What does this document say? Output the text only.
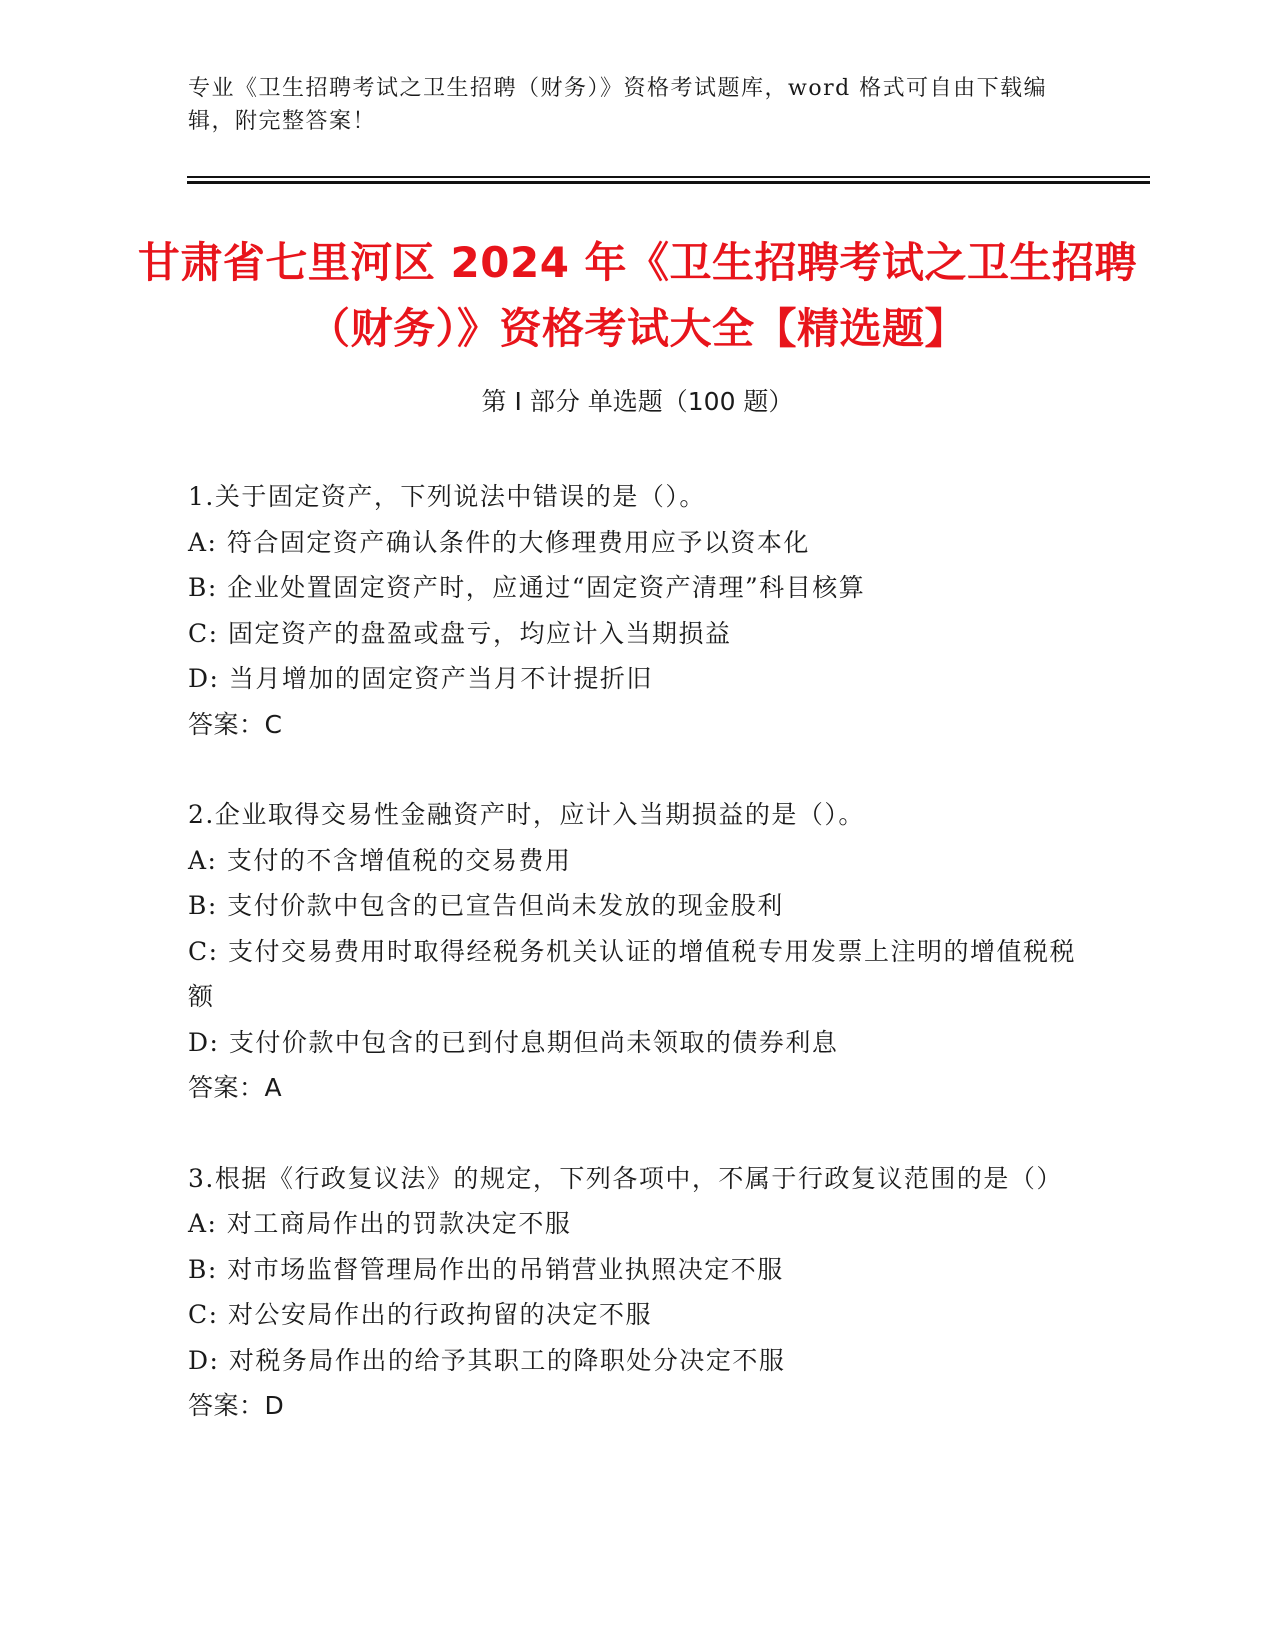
专业《卫生招聘考试之卫生招聘（财务）》资格考试题库，word 格式可自由下载编辑，附完整答案！
甘肃省七里河区 2024 年《卫生招聘考试之卫生招聘（财务）》资格考试大全【精选题】
第 I 部分 单选题（100 题）

1.关于固定资产，下列说法中错误的是（）。

A: 符合固定资产确认条件的大修理费用应予以资本化

B: 企业处置固定资产时，应通过“固定资产清理”科目核算

C: 固定资产的盘盈或盘亏，均应计入当期损益

D: 当月增加的固定资产当月不计提折旧

答案：C

2.企业取得交易性金融资产时，应计入当期损益的是（）。

A: 支付的不含增值税的交易费用

B: 支付价款中包含的已宣告但尚未发放的现金股利

C: 支付交易费用时取得经税务机关认证的增值税专用发票上注明的增值税税额

D: 支付价款中包含的已到付息期但尚未领取的债券利息

答案：A

3.根据《行政复议法》的规定，下列各项中，不属于行政复议范围的是（）

A: 对工商局作出的罚款决定不服

B: 对市场监督管理局作出的吊销营业执照决定不服

C: 对公安局作出的行政拘留的决定不服

D: 对税务局作出的给予其职工的降职处分决定不服

答案：D
